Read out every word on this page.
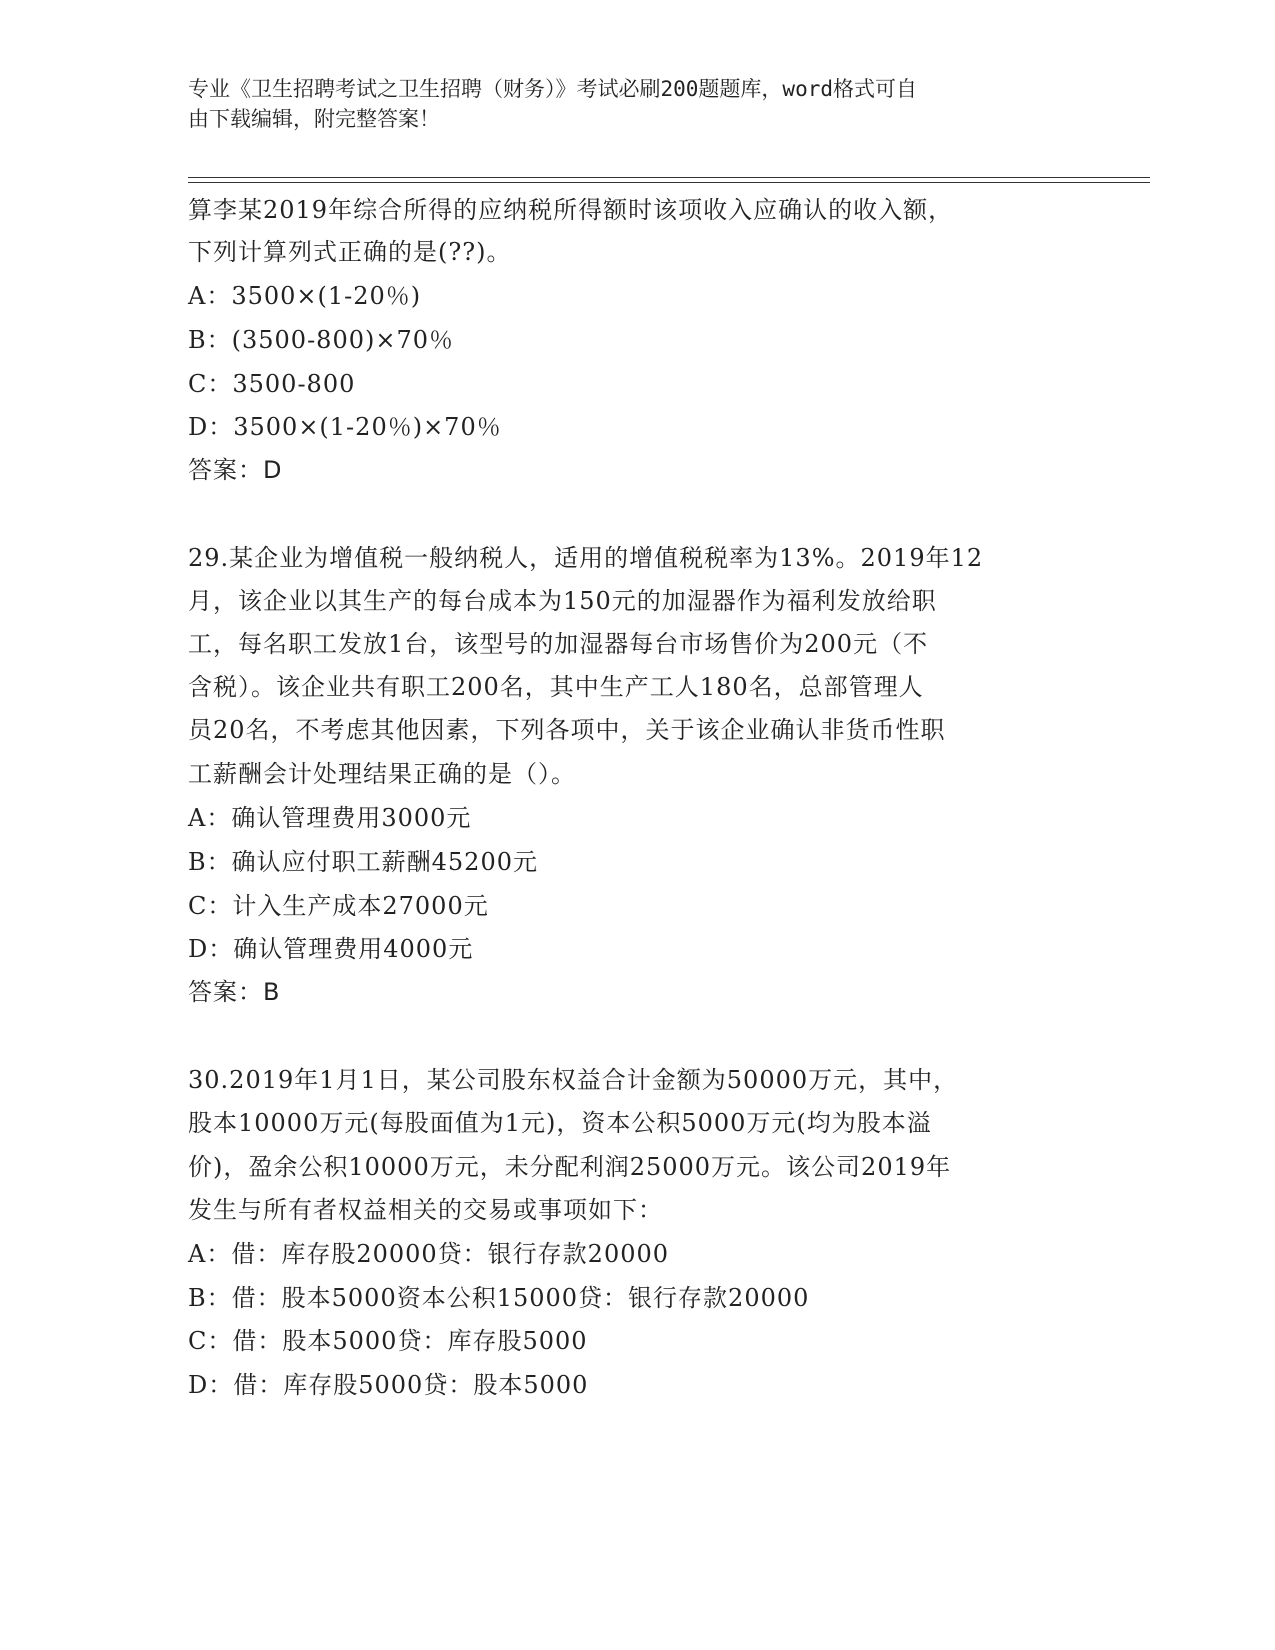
专业《卫生招聘考试之卫生招聘（财务）》考试必刷200题题库，word格式可自
由下载编辑，附完整答案！
算李某2019年综合所得的应纳税所得额时该项收入应确认的收入额，
下列计算列式正确的是(??)。
A：3500×(1-20％)
B：(3500-800)×70％
C：3500-800
D：3500×(1-20％)×70％
答案：D
29.某企业为增值税一般纳税人，适用的增值税税率为13%。2019年12
月，该企业以其生产的每台成本为150元的加湿器作为福利发放给职
工，每名职工发放1台，该型号的加湿器每台市场售价为200元（不
含税）。该企业共有职工200名，其中生产工人180名，总部管理人
员20名，不考虑其他因素，下列各项中，关于该企业确认非货币性职
工薪酬会计处理结果正确的是（）。
A：确认管理费用3000元
B：确认应付职工薪酬45200元
C：计入生产成本27000元
D：确认管理费用4000元
答案：B
30.2019年1月1日，某公司股东权益合计金额为50000万元，其中，
股本10000万元(每股面值为1元)，资本公积5000万元(均为股本溢
价)，盈余公积10000万元，未分配利润25000万元。该公司2019年
发生与所有者权益相关的交易或事项如下：
A：借：库存股20000贷：银行存款20000
B：借：股本5000资本公积15000贷：银行存款20000
C：借：股本5000贷：库存股5000
D：借：库存股5000贷：股本5000
